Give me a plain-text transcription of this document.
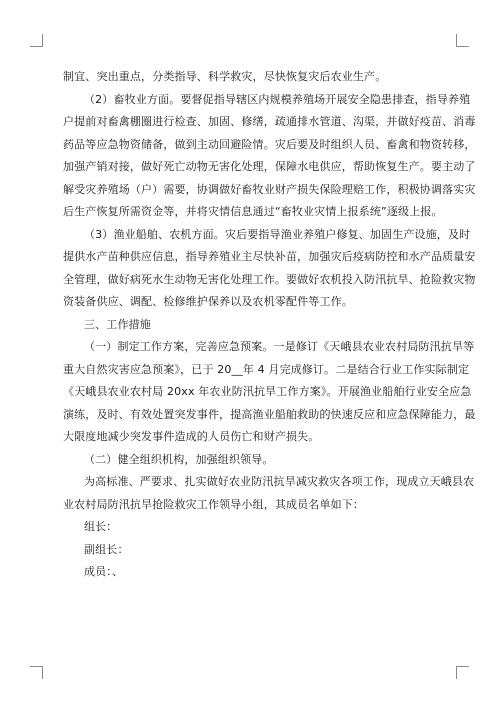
制宜、突出重点，分类指导、科学救灾，尽快恢复灾后农业生产。
（2）畜牧业方面。要督促指导辖区内规模养殖场开展安全隐患排查，指导养殖
户提前对畜禽棚圈进行检查、加固、修缮，疏通排水管道、沟渠，并做好疫苗、消毒
药品等应急物资储备，做到主动回避险情。灾后要及时组织人员、畜禽和物资转移，
加强产销对接，做好死亡动物无害化处理，保障水电供应，帮助恢复生产。要主动了
解受灾养殖场（户）需要，协调做好畜牧业财产损失保险理赔工作，积极协调落实灾
后生产恢复所需资金等，并将灾情信息通过“畜牧业灾情上报系统”逐级上报。
（3）渔业船舶、农机方面。灾后要指导渔业养殖户修复、加固生产设施，及时
提供水产苗种供应信息，指导养殖业主尽快补苗，加强灾后疫病防控和水产品质量安
全管理，做好病死水生动物无害化处理工作。要做好农机投入防汛抗旱、抢险救灾物
资装备供应、调配、检修维护保养以及农机零配件等工作。
三、工作措施
（一）制定工作方案，完善应急预案。一是修订《天峨县农业农村局防汛抗旱等
重大自然灾害应急预案》，已于 20__年 4 月完成修订。二是结合行业工作实际制定
《天峨县农业农村局 20xx 年农业防汛抗旱工作方案》。开展渔业船舶行业安全应急
演练，及时、有效处置突发事件，提高渔业船舶救助的快速反应和应急保障能力，最
大限度地减少突发事件造成的人员伤亡和财产损失。
（二）健全组织机构，加强组织领导。
为高标准、严要求、扎实做好农业防汛抗旱减灾救灾各项工作，现成立天峨县农
业农村局防汛抗旱抢险救灾工作领导小组，其成员名单如下：
组长：
副组长：
成员：、
